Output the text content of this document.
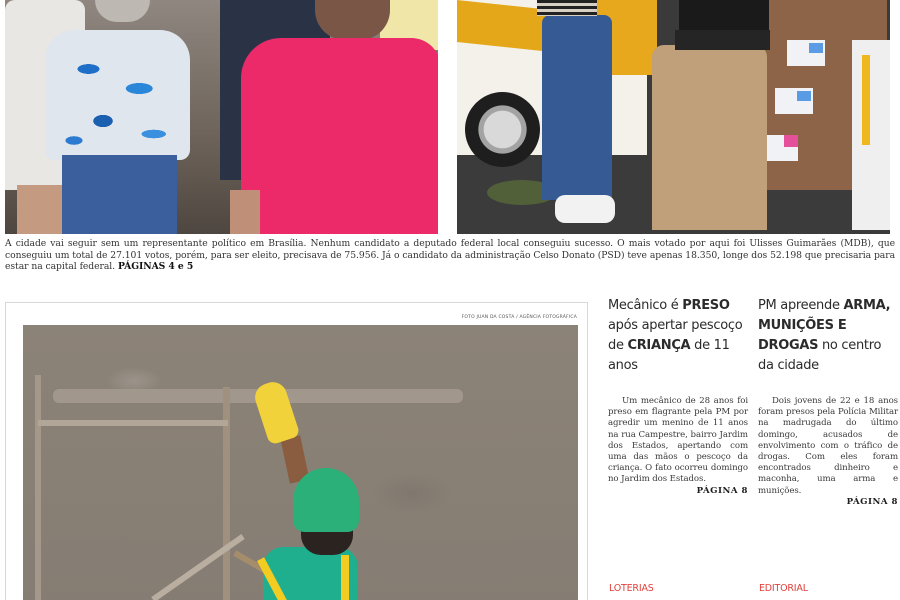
A cidade vai seguir sem um representante político em Brasília. Nenhum candidato a deputado federal local conseguiu sucesso. O mais votado por aqui foi Ulisses Guimarães (MDB), que conseguiu um total de 27.101 votos, porém, para ser eleito, precisava de 75.956. Já o candidato da administração Celso Donato (PSD) teve apenas 18.350, longe dos 52.198 que precisaria para estar na capital federal. PÁGINAS 4 e 5

FOTO JUAN DA COSTA / AGÊNCIA FOTOGRÁFICA
Mecânico é PRESO após apertar pescoço de CRIANÇA de 11 anos

Um mecânico de 28 anos foi preso em flagrante pela PM por agredir um menino de 11 anos na rua Campestre, bairro Jardim dos Estados, apertando com uma das mãos o pescoço da criança. O fato ocorreu domingo no Jardim dos Estados.

PÁGINA 8

PM apreende ARMA, MUNIÇÕES E DROGAS no centro da cidade

Dois jovens de 22 e 18 anos foram presos pela Polícia Militar na madrugada do último domingo, acusados de envolvimento com o tráfico de drogas. Com eles foram encontrados dinheiro e maconha, uma arma e munições.

PÁGINA 8

LOTERIAS	EDITORIAL
